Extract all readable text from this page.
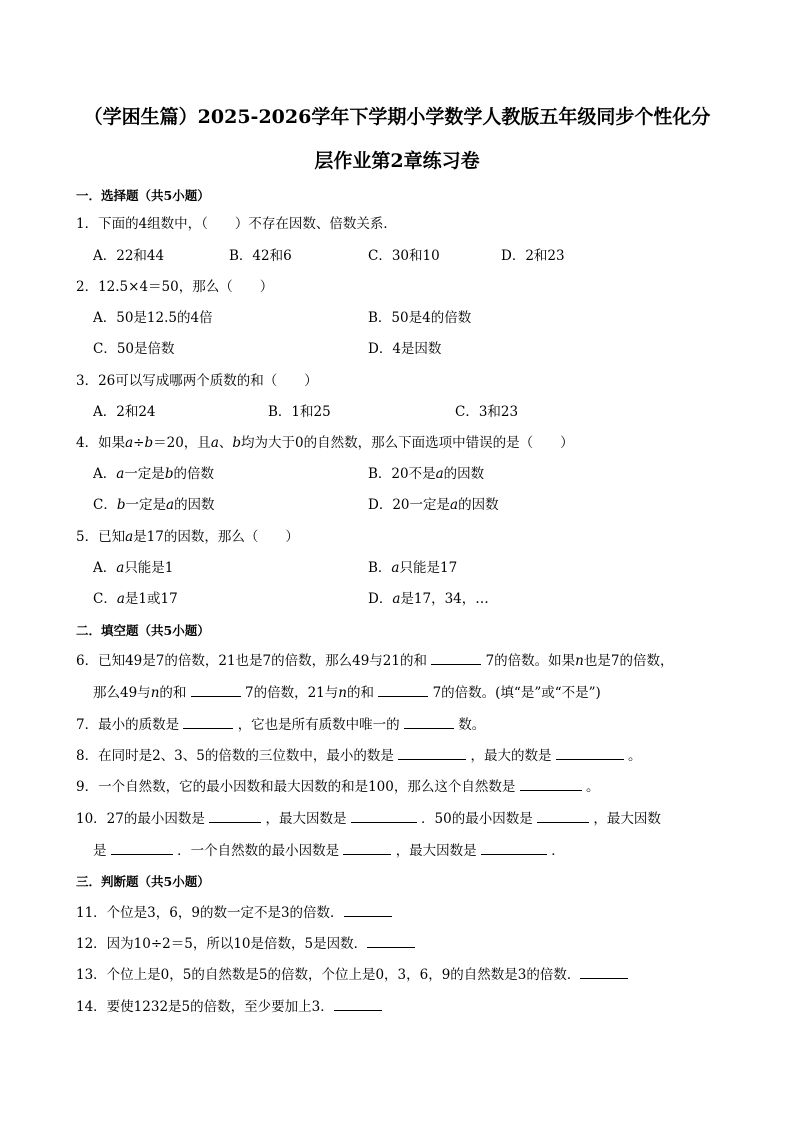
（学困生篇）2025-2026学年下学期小学数学人教版五年级同步个性化分
层作业第2章练习卷
一．选择题（共5小题）
1．下面的4组数中，（　　）不存在因数、倍数关系．
A．22和44	B．42和6	C．30和10	D．2和23
2．12.5×4＝50，那么（　　）
A．50是12.5的4倍	B．50是4的倍数
C．50是倍数	D．4是因数
3．26可以写成哪两个质数的和（　　）
A．2和24	B．1和25	C．3和23
4．如果a÷b＝20，且a、b均为大于0的自然数，那么下面选项中错误的是（　　）
A．a一定是b的倍数	B．20不是a的因数
C．b一定是a的因数	D．20一定是a的因数
5．已知a是17的因数，那么（　　）
A．a只能是1	B．a只能是17
C．a是1或17	D．a是17，34，…
二．填空题（共5小题）
6．已知49是7的倍数，21也是7的倍数，那么49与21的和	7的倍数。如果n也是7的倍数，
那么49与n的和	7的倍数，21与n的和	7的倍数。(填“是”或“不是”)
7．最小的质数是	，它也是所有质数中唯一的	数。
8．在同时是2、3、5的倍数的三位数中，最小的数是	，最大的数是	。
9．一个自然数，它的最小因数和最大因数的和是100，那么这个自然数是	。
10．27的最小因数是	，最大因数是	．50的最小因数是	，最大因数
是	．一个自然数的最小因数是	，最大因数是	．
三．判断题（共5小题）
11．个位是3，6，9的数一定不是3的倍数．
12．因为10÷2＝5，所以10是倍数，5是因数．
13．个位上是0，5的自然数是5的倍数，个位上是0，3，6，9的自然数是3的倍数．
14．要使1232是5的倍数，至少要加上3．
